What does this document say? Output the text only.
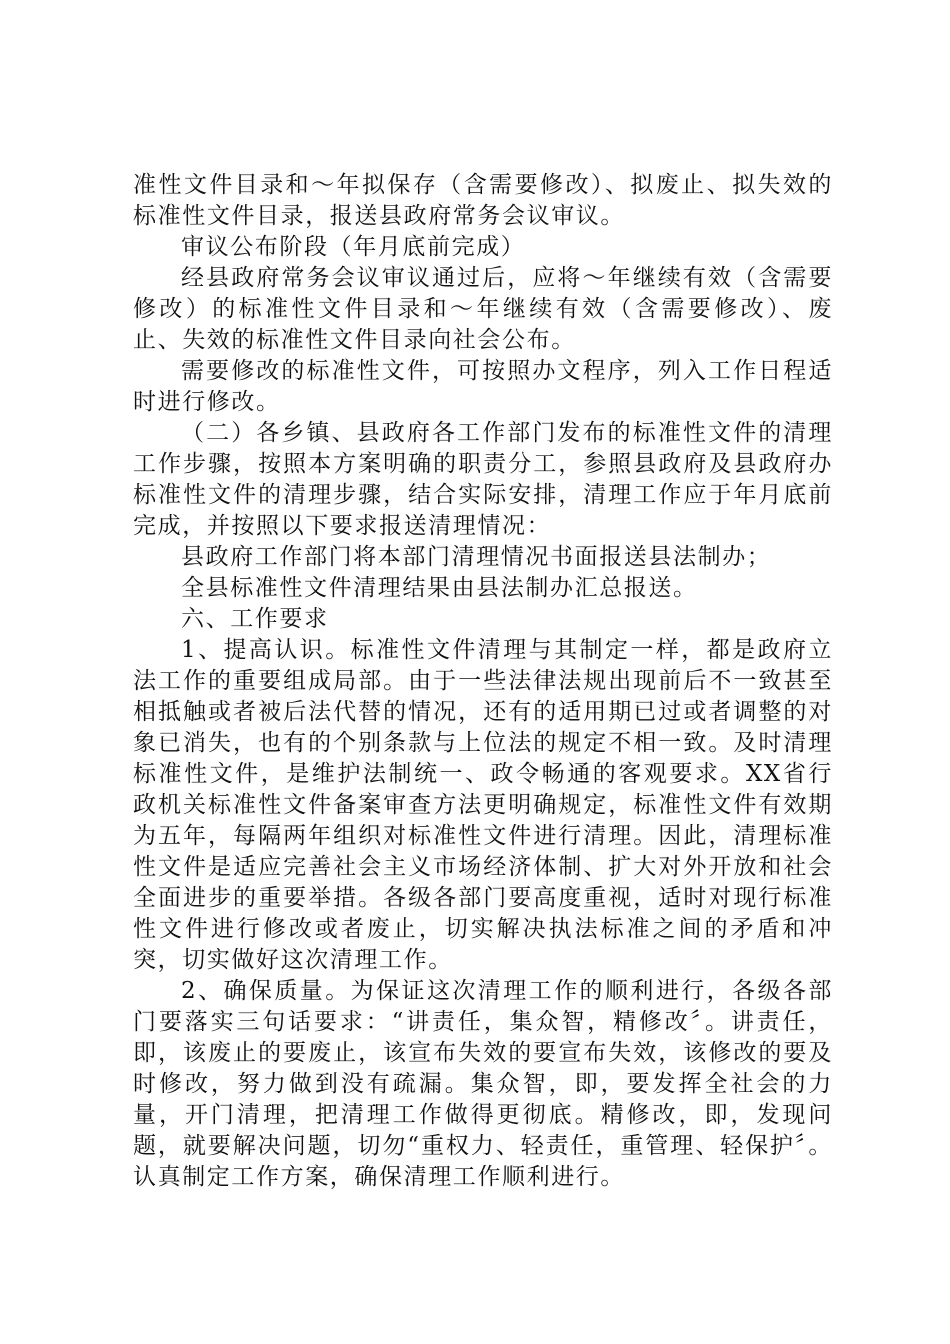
准性文件目录和～年拟保存（含需要修改）、拟废止、拟失效的标准性文件目录，报送县政府常务会议审议。

审议公布阶段（年月底前完成）

经县政府常务会议审议通过后，应将～年继续有效（含需要修改）的标准性文件目录和～年继续有效（含需要修改）、废止、失效的标准性文件目录向社会公布。

需要修改的标准性文件，可按照办文程序，列入工作日程适时进行修改。

（二）各乡镇、县政府各工作部门发布的标准性文件的清理工作步骤，按照本方案明确的职责分工，参照县政府及县政府办标准性文件的清理步骤，结合实际安排，清理工作应于年月底前完成，并按照以下要求报送清理情况：

县政府工作部门将本部门清理情况书面报送县法制办；

全县标准性文件清理结果由县法制办汇总报送。

六、工作要求

1、提高认识。标准性文件清理与其制定一样，都是政府立法工作的重要组成局部。由于一些法律法规出现前后不一致甚至相抵触或者被后法代替的情况，还有的适用期已过或者调整的对象已消失，也有的个别条款与上位法的规定不相一致。及时清理标准性文件，是维护法制统一、政令畅通的客观要求。XX省行政机关标准性文件备案审查方法更明确规定，标准性文件有效期为五年，每隔两年组织对标准性文件进行清理。因此，清理标准性文件是适应完善社会主义市场经济体制、扩大对外开放和社会全面进步的重要举措。各级各部门要高度重视，适时对现行标准性文件进行修改或者废止，切实解决执法标准之间的矛盾和冲突，切实做好这次清理工作。

2、确保质量。为保证这次清理工作的顺利进行，各级各部门要落实三句话要求：“讲责任，集众智，精修改〞。讲责任，即，该废止的要废止，该宣布失效的要宣布失效，该修改的要及时修改，努力做到没有疏漏。集众智，即，要发挥全社会的力量，开门清理，把清理工作做得更彻底。精修改，即，发现问题，就要解决问题，切勿“重权力、轻责任，重管理、轻保护〞。认真制定工作方案，确保清理工作顺利进行。
